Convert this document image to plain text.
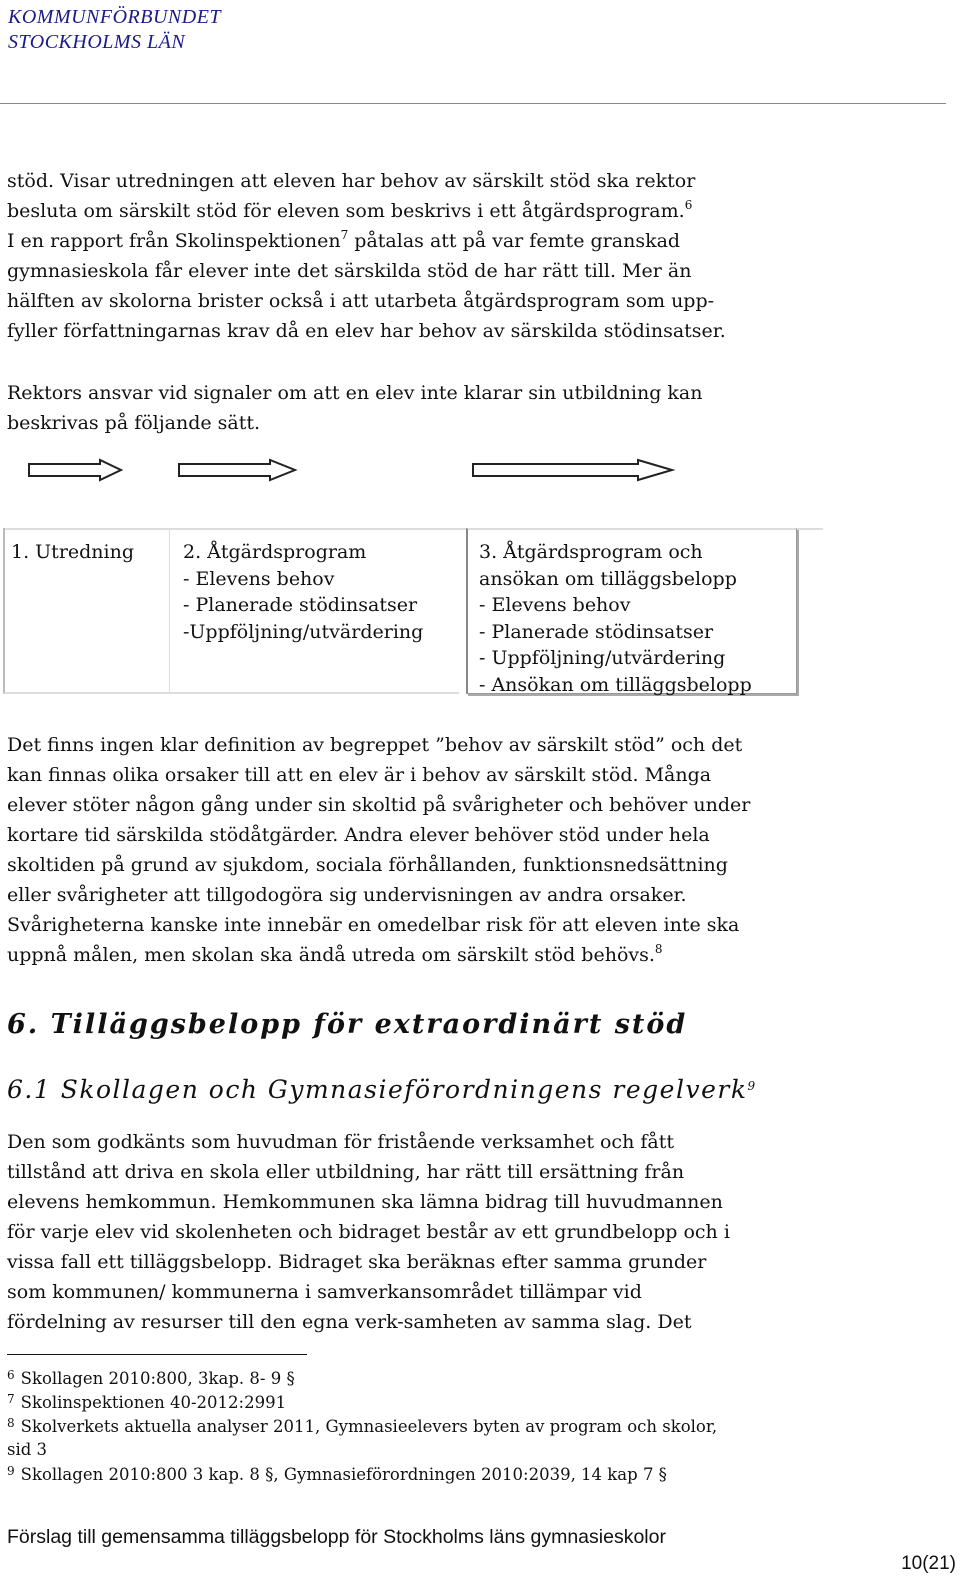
KOMMUNFÖRBUNDET
STOCKHOLMS LÄN
stöd. Visar utredningen att eleven har behov av särskilt stöd ska rektor
besluta om särskilt stöd för eleven som beskrivs i ett åtgärdsprogram.$^6$
I en rapport från Skolinspektionen$^7$ påtalas att på var femte granskad
gymnasieskola får elever inte det särskilda stöd de har rätt till. Mer än
hälften av skolorna brister också i att utarbeta åtgärdsprogram som upp-
fyller författningarnas krav då en elev har behov av särskilda stödinsatser.
Rektors ansvar vid signaler om att en elev inte klarar sin utbildning kan
beskrivas på följande sätt.
1. Utredning	2. Åtgärdsprogram
- Elevens behov
- Planerade stödinsatser
-Uppföljning/utvärdering
3. Åtgärdsprogram och
ansökan om tilläggsbelopp
- Elevens behov
- Planerade stödinsatser
- Uppföljning/utvärdering
- Ansökan om tilläggsbelopp
Det finns ingen klar definition av begreppet ”behov av särskilt stöd” och det
kan finnas olika orsaker till att en elev är i behov av särskilt stöd. Många
elever stöter någon gång under sin skoltid på svårigheter och behöver under
kortare tid särskilda stödåtgärder. Andra elever behöver stöd under hela
skoltiden på grund av sjukdom, sociala förhållanden, funktionsnedsättning
eller svårigheter att tillgodogöra sig undervisningen av andra orsaker.
Svårigheterna kanske inte innebär en omedelbar risk för att eleven inte ska
uppnå målen, men skolan ska ändå utreda om särskilt stöd behövs.$^8$
6. Tilläggsbelopp för extraordinärt stöd
6.1 Skollagen och Gymnasieförordningens regelverk$^9$
Den som godkänts som huvudman för fristående verksamhet och fått
tillstånd att driva en skola eller utbildning, har rätt till ersättning från
elevens hemkommun. Hemkommunen ska lämna bidrag till huvudmannen
för varje elev vid skolenheten och bidraget består av ett grundbelopp och i
vissa fall ett tilläggsbelopp. Bidraget ska beräknas efter samma grunder
som kommunen/ kommunerna i samverkansområdet tillämpar vid
fördelning av resurser till den egna verk-samheten av samma slag. Det
$^6$ Skollagen 2010:800, 3kap. 8- 9 §
$^7$ Skolinspektionen 40-2012:2991
$^8$ Skolverkets aktuella analyser 2011, Gymnasieelevers byten av program och skolor,
sid 3
$^9$ Skollagen 2010:800 3 kap. 8 §, Gymnasieförordningen 2010:2039, 14 kap 7 §
Förslag till gemensamma tilläggsbelopp för Stockholms läns gymnasieskolor
10(21)
